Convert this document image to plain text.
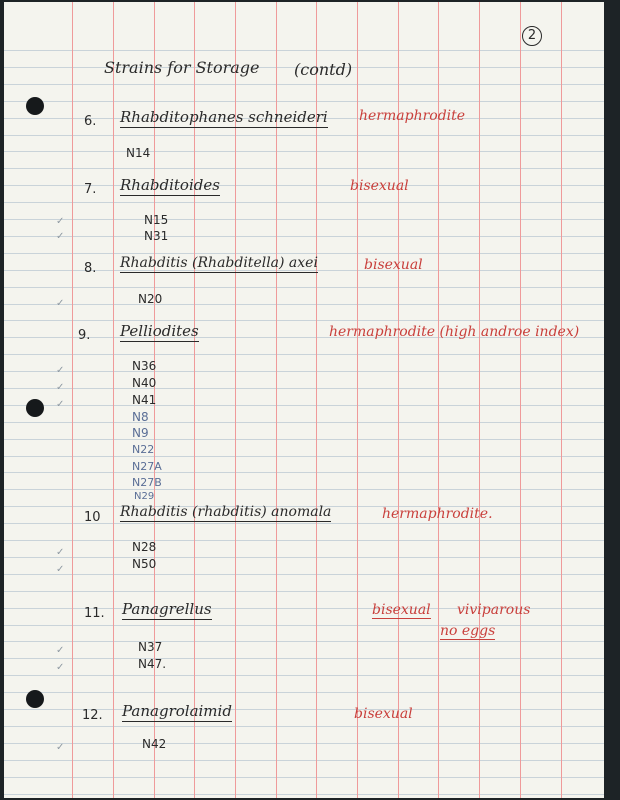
2
Strains for Storage (contd)
6. Rhabditophanes schneideri hermaphrodite
N14
7. Rhabditoides	bisexual
N15
N31
8. Rhabditis (Rhabditella) axei	bisexual
N20
9. Pelliodites	hermaphrodite (high androe index)
N36
N40
N41
N8
N9
N22
N27A
N27B
N29
10 Rhabditis (rhabditis) anomala	hermaphrodite.
N28
N50
11. Panagrellus	bisexual viviparous
no eggs
N37
N47.
12. Panagrolaimid	bisexual
N42
✓
✓
✓
✓
✓
✓
✓
✓
✓
✓
✓
